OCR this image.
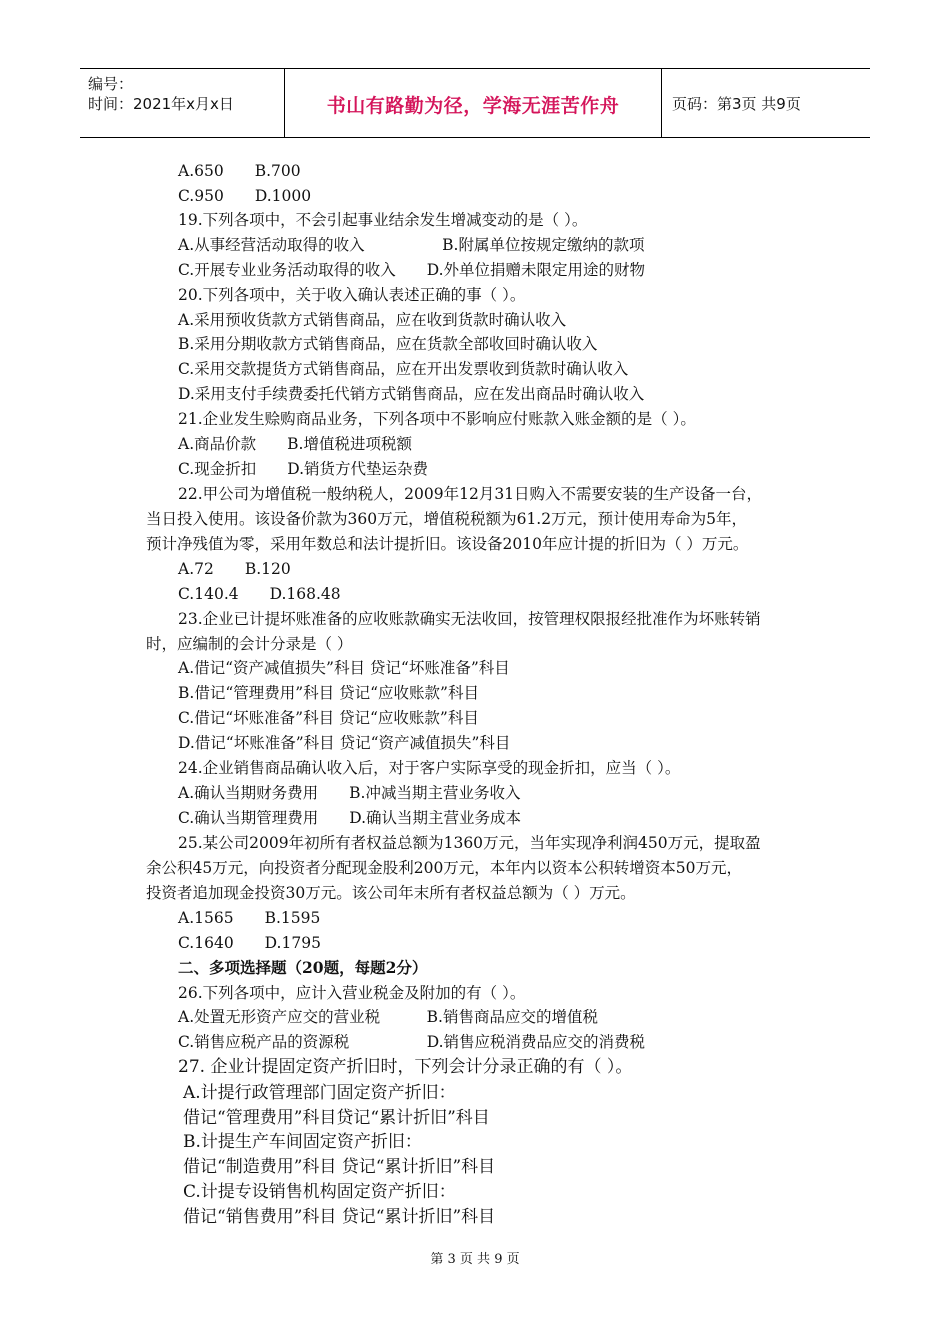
编号：
时间：2021年x月x日	书山有路勤为径，学海无涯苦作舟	页码：第3页 共9页
A.650　　B.700
C.950　　D.1000
19.下列各项中，不会引起事业结余发生增减变动的是（ ）。
A.从事经营活动取得的收入　　　　　B.附属单位按规定缴纳的款项
C.开展专业业务活动取得的收入　　D.外单位捐赠未限定用途的财物
20.下列各项中，关于收入确认表述正确的事（ ）。
A.采用预收货款方式销售商品，应在收到货款时确认收入
B.采用分期收款方式销售商品，应在货款全部收回时确认收入
C.采用交款提货方式销售商品，应在开出发票收到货款时确认收入
D.采用支付手续费委托代销方式销售商品，应在发出商品时确认收入
21.企业发生赊购商品业务，下列各项中不影响应付账款入账金额的是（ ）。
A.商品价款　　B.增值税进项税额
C.现金折扣　　D.销货方代垫运杂费
22.甲公司为增值税一般纳税人，2009年12月31日购入不需要安装的生产设备一台，
当日投入使用。该设备价款为360万元，增值税税额为61.2万元，预计使用寿命为5年，
预计净残值为零，采用年数总和法计提折旧。该设备2010年应计提的折旧为（ ）万元。
A.72　　B.120
C.140.4　　D.168.48
23.企业已计提坏账准备的应收账款确实无法收回，按管理权限报经批准作为坏账转销
时，应编制的会计分录是（ ）
A.借记“资产减值损失”科目 贷记“坏账准备”科目
B.借记“管理费用”科目 贷记“应收账款”科目
C.借记“坏账准备”科目 贷记“应收账款”科目
D.借记“坏账准备”科目 贷记“资产减值损失”科目
24.企业销售商品确认收入后，对于客户实际享受的现金折扣，应当（ ）。
A.确认当期财务费用　　B.冲减当期主营业务收入
C.确认当期管理费用　　D.确认当期主营业务成本
25.某公司2009年初所有者权益总额为1360万元，当年实现净利润450万元，提取盈
余公积45万元，向投资者分配现金股利200万元，本年内以资本公积转增资本50万元，
投资者追加现金投资30万元。该公司年末所有者权益总额为（ ）万元。
A.1565　　B.1595
C.1640　　D.1795
二、多项选择题（20题，每题2分）
26.下列各项中，应计入营业税金及附加的有（ ）。
A.处置无形资产应交的营业税　　　B.销售商品应交的增值税
C.销售应税产品的资源税　　　　　D.销售应税消费品应交的消费税
27. 企业计提固定资产折旧时，下列会计分录正确的有（ ）。
A.计提行政管理部门固定资产折旧：
借记“管理费用”科目贷记“累计折旧”科目
B.计提生产车间固定资产折旧：
借记“制造费用”科目 贷记“累计折旧”科目
C.计提专设销售机构固定资产折旧：
借记“销售费用”科目 贷记“累计折旧”科目
第 3 页 共 9 页
